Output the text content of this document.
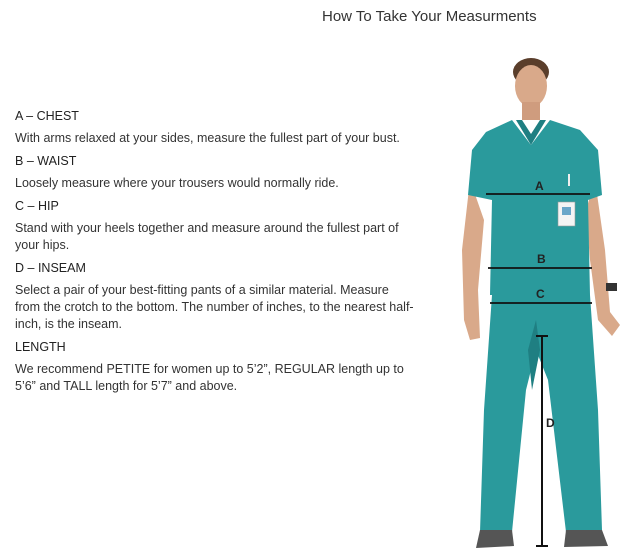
How To Take Your Measurments

A – CHEST

With arms relaxed at your sides, measure the fullest part of your bust.

B – WAIST

Loosely measure where your trousers would normally ride.

C – HIP

Stand with your heels together and measure around the fullest part of your hips.

D – INSEAM

Select a pair of your best-fitting pants of a similar material. Measure from the crotch to the bottom. The number of inches, to the nearest half-inch, is the inseam.

LENGTH

We recommend PETITE for women up to 5’2”, REGULAR length up to 5’6” and TALL length for 5’7” and above.

A
B
C
D
